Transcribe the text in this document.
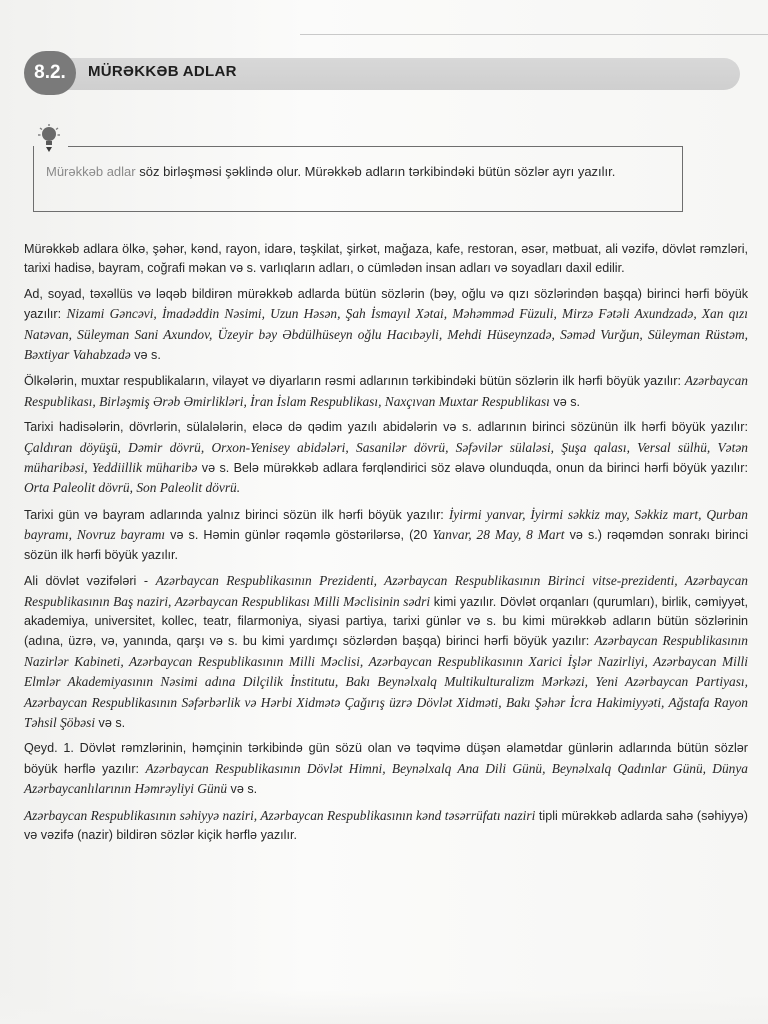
8.2.	MÜRƏKKƏB ADLAR
Mürəkkəb adlar söz birləşməsi şəklində olur. Mürəkkəb adların tərkibindəki bütün sözlər ayrı yazılır.

Mürəkkəb adlara ölkə, şəhər, kənd, rayon, idarə, təşkilat, şirkət, mağaza, kafe, restoran, əsər, mətbuat, ali vəzifə, dövlət rəmzləri, tarixi hadisə, bayram, coğrafi məkan və s. varlıqların adları, o cümlədən insan adları və soyadları daxil edilir.

Ad, soyad, təxəllüs və ləqəb bildirən mürəkkəb adlarda bütün sözlərin (bəy, oğlu və qızı sözlərindən başqa) birinci hərfi böyük yazılır: Nizami Gəncəvi, İmadəddin Nəsimi, Uzun Həsən, Şah İsmayıl Xətai, Məhəmməd Füzuli, Mirzə Fətəli Axundzadə, Xan qızı Natəvan, Süleyman Sani Axundov, Üzeyir bəy Əbdülhüseyn oğlu Hacıbəyli, Mehdi Hüseynzadə, Səməd Vurğun, Süleyman Rüstəm, Bəxtiyar Vahabzadə və s.

Ölkələrin, muxtar respublikaların, vilayət və diyarların rəsmi adlarının tərkibindəki bütün sözlərin ilk hərfi böyük yazılır: Azərbaycan Respublikası, Birləşmiş Ərəb Əmirlikləri, İran İslam Respublikası, Naxçıvan Muxtar Respublikası və s.

Tarixi hadisələrin, dövrlərin, sülalələrin, eləcə də qədim yazılı abidələrin və s. adlarının birinci sözünün ilk hərfi böyük yazılır: Çaldıran döyüşü, Dəmir dövrü, Orxon-Yenisey abidələri, Sasanilər dövrü, Səfəvilər sülaləsi, Şuşa qalası, Versal sülhü, Vətən müharibəsi, Yeddiillik müharibə və s. Belə mürəkkəb adlara fərqləndirici söz əlavə olunduqda, onun da birinci hərfi böyük yazılır: Orta Paleolit dövrü, Son Paleolit dövrü.

Tarixi gün və bayram adlarında yalnız birinci sözün ilk hərfi böyük yazılır: İyirmi yanvar, İyirmi səkkiz may, Səkkiz mart, Qurban bayramı, Novruz bayramı və s. Həmin günlər rəqəmlə göstərilərsə, (20 Yanvar, 28 May, 8 Mart və s.) rəqəmdən sonrakı birinci sözün ilk hərfi böyük yazılır.

Ali dövlət vəzifələri - Azərbaycan Respublikasının Prezidenti, Azərbaycan Respublikasının Birinci vitse-prezidenti, Azərbaycan Respublikasının Baş naziri, Azərbaycan Respublikası Milli Məclisinin sədri kimi yazılır. Dövlət orqanları (qurumları), birlik, cəmiyyət, akademiya, universitet, kollec, teatr, filarmoniya, siyasi partiya, tarixi günlər və s. bu kimi mürəkkəb adların bütün sözlərinin (adına, üzrə, və, yanında, qarşı və s. bu kimi yardımçı sözlərdən başqa) birinci hərfi böyük yazılır: Azərbaycan Respublikasının Nazirlər Kabineti, Azərbaycan Respublikasının Milli Məclisi, Azərbaycan Respublikasının Xarici İşlər Nazirliyi, Azərbaycan Milli Elmlər Akademiyasının Nəsimi adına Dilçilik İnstitutu, Bakı Beynəlxalq Multikulturalizm Mərkəzi, Yeni Azərbaycan Partiyası, Azərbaycan Respublikasının Səfərbərlik və Hərbi Xidmətə Çağırış üzrə Dövlət Xidməti, Bakı Şəhər İcra Hakimiyyəti, Ağstafa Rayon Təhsil Şöbəsi və s.

Qeyd. 1. Dövlət rəmzlərinin, həmçinin tərkibində gün sözü olan və təqvimə düşən əlamətdar günlərin adlarında bütün sözlər böyük hərflə yazılır: Azərbaycan Respublikasının Dövlət Himni, Beynəlxalq Ana Dili Günü, Beynəlxalq Qadınlar Günü, Dünya Azərbaycanlılarının Həmrəyliyi Günü və s.

Azərbaycan Respublikasının səhiyyə naziri, Azərbaycan Respublikasının kənd təsərrüfatı naziri tipli mürəkkəb adlarda sahə (səhiyyə) və vəzifə (nazir) bildirən sözlər kiçik hərflə yazılır.
